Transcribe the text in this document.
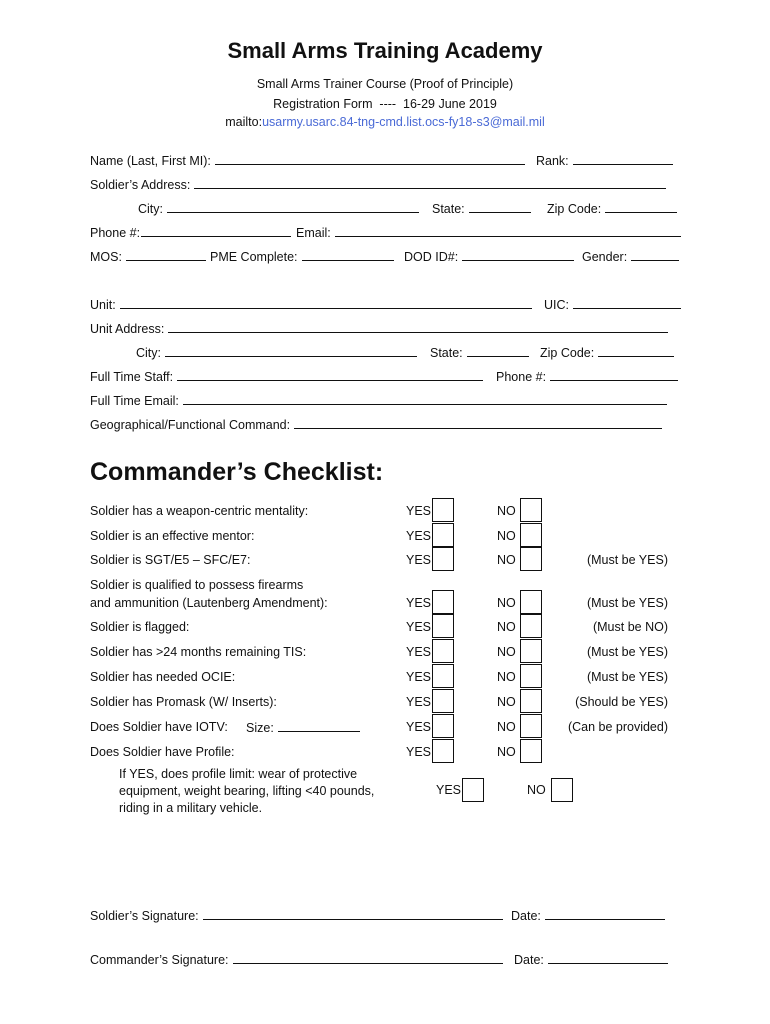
Small Arms Training Academy
Small Arms Trainer Course (Proof of Principle)
Registration Form  ----  16-29 June 2019
mailto:usarmy.usarc.84-tng-cmd.list.ocs-fy18-s3@mail.mil
Name (Last, First MI):	Rank:
Soldier’s Address:
City:	State:	Zip Code:
Phone #:	Email:
MOS:	PME Complete:	DOD ID#:	Gender:
Unit:	UIC:
Unit Address:
City:	State:	Zip Code:
Full Time Staff:	Phone #:
Full Time Email:
Geographical/Functional Command:
Commander’s Checklist:
Soldier has a weapon-centric mentality:	YES	NO
Soldier is an effective mentor:	YES	NO
Soldier is SGT/E5 – SFC/E7:	YES	NO	(Must be YES)
Soldier is qualified to possess firearms
and ammunition (Lautenberg Amendment):	YES	NO	(Must be YES)
Soldier is flagged:	YES	NO	(Must be NO)
Soldier has >24 months remaining TIS:	YES	NO	(Must be YES)
Soldier has needed OCIE:	YES	NO	(Must be YES)
Soldier has Promask (W/ Inserts):	YES	NO	(Should be YES)
Does Soldier have IOTV: Size:	YES	NO	(Can be provided)
Does Soldier have Profile:	YES	NO
If YES, does profile limit: wear of protective
equipment, weight bearing, lifting <40 pounds,
riding in a military vehicle.
YES	NO
Soldier’s Signature:	Date:
Commander’s Signature:	Date:
